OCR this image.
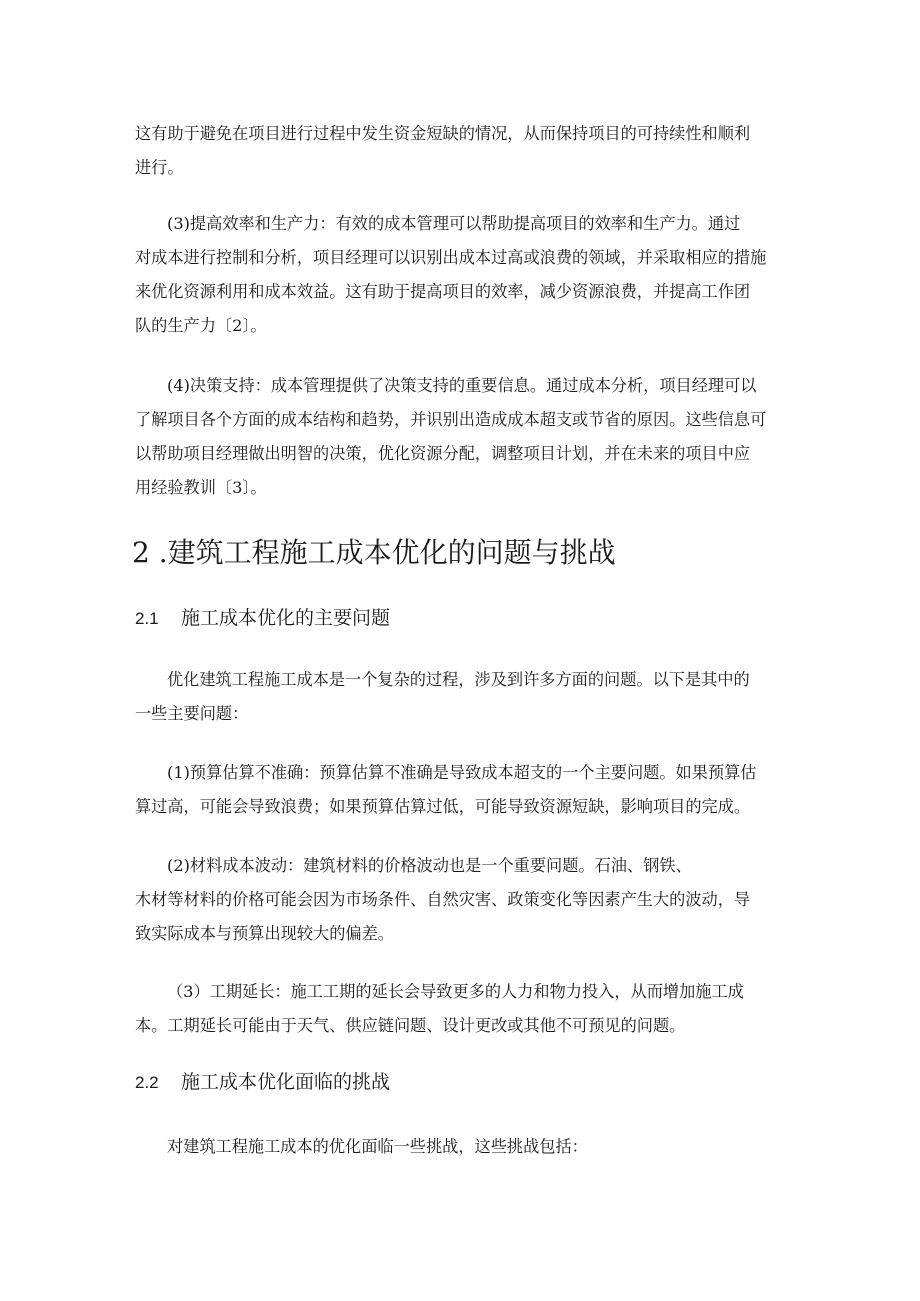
这有助于避免在项目进行过程中发生资金短缺的情况，从而保持项目的可持续性和顺利
进行。

(3)提高效率和生产力：有效的成本管理可以帮助提高项目的效率和生产力。通过
对成本进行控制和分析，项目经理可以识别出成本过高或浪费的领域，并采取相应的措施
来优化资源利用和成本效益。这有助于提高项目的效率，减少资源浪费，并提高工作团
队的生产力〔2〕。

(4)决策支持：成本管理提供了决策支持的重要信息。通过成本分析，项目经理可以
了解项目各个方面的成本结构和趋势，并识别出造成成本超支或节省的原因。这些信息可
以帮助项目经理做出明智的决策，优化资源分配，调整项目计划，并在未来的项目中应
用经验教训〔3〕。

2 .建筑工程施工成本优化的问题与挑战
2.1 施工成本优化的主要问题

优化建筑工程施工成本是一个复杂的过程，涉及到许多方面的问题。以下是其中的
一些主要问题：

(1)预算估算不准确：预算估算不准确是导致成本超支的一个主要问题。如果预算估
算过高，可能会导致浪费；如果预算估算过低，可能导致资源短缺，影响项目的完成。

(2)材料成本波动：建筑材料的价格波动也是一个重要问题。石油、钢铁、
木材等材料的价格可能会因为市场条件、自然灾害、政策变化等因素产生大的波动，导
致实际成本与预算出现较大的偏差。

（3）工期延长：施工工期的延长会导致更多的人力和物力投入，从而增加施工成
本。工期延长可能由于天气、供应链问题、设计更改或其他不可预见的问题。

2.2 施工成本优化面临的挑战

对建筑工程施工成本的优化面临一些挑战，这些挑战包括：
